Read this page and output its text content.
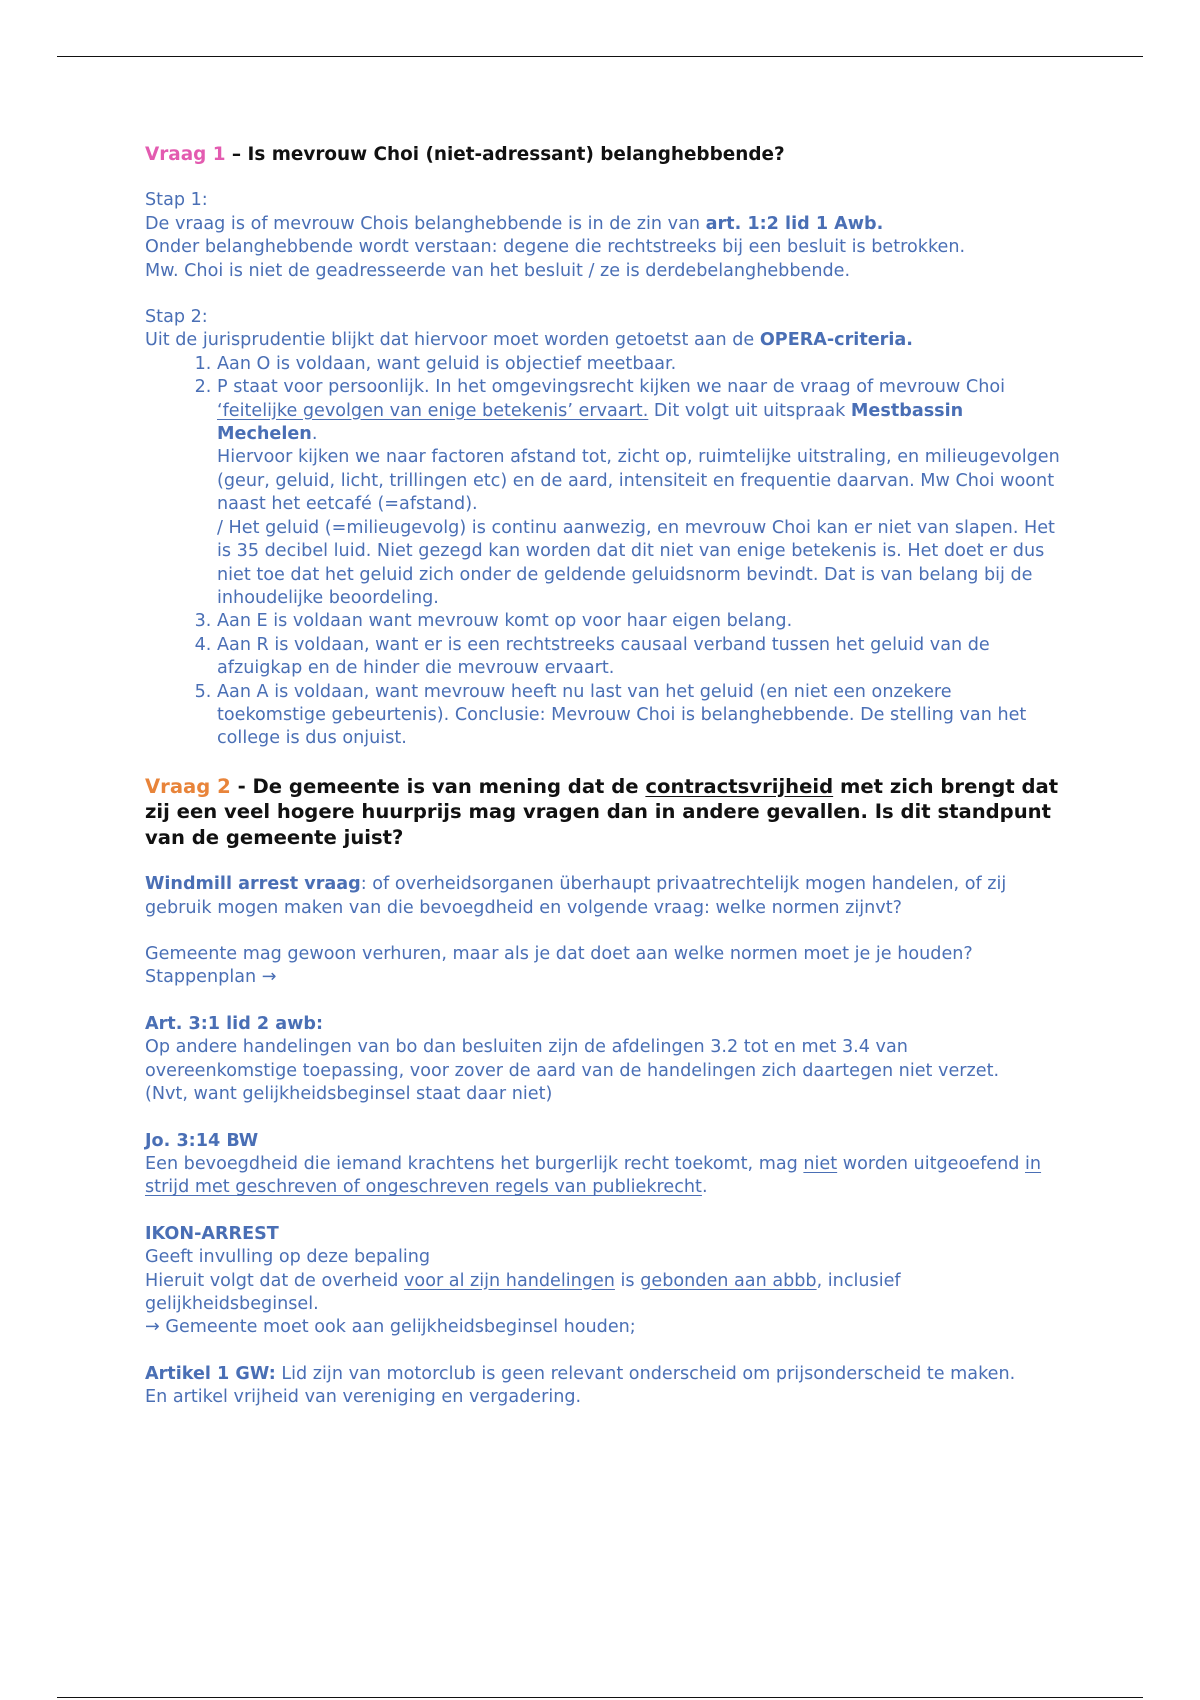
Vraag 1 – Is mevrouw Choi (niet-adressant) belanghebbende?

Stap 1:

De vraag is of mevrouw Chois belanghebbende is in de zin van art. 1:2 lid 1 Awb.

Onder belanghebbende wordt verstaan: degene die rechtstreeks bij een besluit is betrokken.

Mw. Choi is niet de geadresseerde van het besluit / ze is derdebelanghebbende.

Stap 2:

Uit de jurisprudentie blijkt dat hiervoor moet worden getoetst aan de OPERA-criteria.

1. Aan O is voldaan, want geluid is objectief meetbaar.
2. P staat voor persoonlijk. In het omgevingsrecht kijken we naar de vraag of mevrouw Choi ‘feitelijke gevolgen van enige betekenis’ ervaart. Dit volgt uit uitspraak Mestbassin Mechelen.
Hiervoor kijken we naar factoren afstand tot, zicht op, ruimtelijke uitstraling, en milieugevolgen (geur, geluid, licht, trillingen etc) en de aard, intensiteit en frequentie daarvan. Mw Choi woont naast het eetcafé (=afstand).
/ Het geluid (=milieugevolg) is continu aanwezig, en mevrouw Choi kan er niet van slapen. Het is 35 decibel luid. Niet gezegd kan worden dat dit niet van enige betekenis is. Het doet er dus niet toe dat het geluid zich onder de geldende geluidsnorm bevindt. Dat is van belang bij de inhoudelijke beoordeling.
3. Aan E is voldaan want mevrouw komt op voor haar eigen belang.
4. Aan R is voldaan, want er is een rechtstreeks causaal verband tussen het geluid van de afzuigkap en de hinder die mevrouw ervaart.
5. Aan A is voldaan, want mevrouw heeft nu last van het geluid (en niet een onzekere toekomstige gebeurtenis). Conclusie: Mevrouw Choi is belanghebbende. De stelling van het college is dus onjuist.

Vraag 2 - De gemeente is van mening dat de contractsvrijheid met zich brengt dat zij een veel hogere huurprijs mag vragen dan in andere gevallen. Is dit standpunt van de gemeente juist?

Windmill arrest vraag: of overheidsorganen überhaupt privaatrechtelijk mogen handelen, of zij gebruik mogen maken van die bevoegdheid en volgende vraag: welke normen zijnvt?

Gemeente mag gewoon verhuren, maar als je dat doet aan welke normen moet je je houden?

Stappenplan →

Art. 3:1 lid 2 awb:

Op andere handelingen van bo dan besluiten zijn de afdelingen 3.2 tot en met 3.4 van overeenkomstige toepassing, voor zover de aard van de handelingen zich daartegen niet verzet.

(Nvt, want gelijkheidsbeginsel staat daar niet)

Jo. 3:14 BW

Een bevoegdheid die iemand krachtens het burgerlijk recht toekomt, mag niet worden uitgeoefend in strijd met geschreven of ongeschreven regels van publiekrecht.

IKON-ARREST

Geeft invulling op deze bepaling

Hieruit volgt dat de overheid voor al zijn handelingen is gebonden aan abbb, inclusief gelijkheidsbeginsel.

→ Gemeente moet ook aan gelijkheidsbeginsel houden;

Artikel 1 GW: Lid zijn van motorclub is geen relevant onderscheid om prijsonderscheid te maken.

En artikel vrijheid van vereniging en vergadering.
